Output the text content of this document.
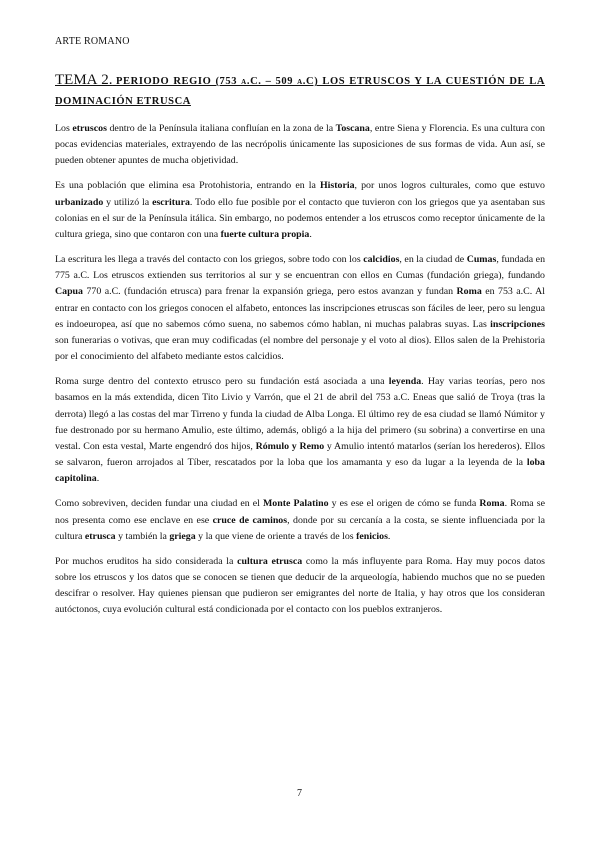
ARTE ROMANO
TEMA 2. PERIODO REGIO (753 a.C. – 509 a.C) LOS ETRUSCOS Y LA CUESTIÓN DE LA DOMINACIÓN ETRUSCA

Los etruscos dentro de la Península italiana confluían en la zona de la Toscana, entre Siena y Florencia. Es una cultura con pocas evidencias materiales, extrayendo de las necrópolis únicamente las suposiciones de sus formas de vida. Aun así, se pueden obtener apuntes de mucha objetividad.

Es una población que elimina esa Protohistoria, entrando en la Historia, por unos logros culturales, como que estuvo urbanizado y utilizó la escritura. Todo ello fue posible por el contacto que tuvieron con los griegos que ya asentaban sus colonias en el sur de la Península itálica. Sin embargo, no podemos entender a los etruscos como receptor únicamente de la cultura griega, sino que contaron con una fuerte cultura propia.

La escritura les llega a través del contacto con los griegos, sobre todo con los calcidios, en la ciudad de Cumas, fundada en 775 a.C. Los etruscos extienden sus territorios al sur y se encuentran con ellos en Cumas (fundación griega), fundando Capua 770 a.C. (fundación etrusca) para frenar la expansión griega, pero estos avanzan y fundan Roma en 753 a.C. Al entrar en contacto con los griegos conocen el alfabeto, entonces las inscripciones etruscas son fáciles de leer, pero su lengua es indoeuropea, así que no sabemos cómo suena, no sabemos cómo hablan, ni muchas palabras suyas. Las inscripciones son funerarias o votivas, que eran muy codificadas (el nombre del personaje y el voto al dios). Ellos salen de la Prehistoria por el conocimiento del alfabeto mediante estos calcidios.

Roma surge dentro del contexto etrusco pero su fundación está asociada a una leyenda. Hay varias teorías, pero nos basamos en la más extendida, dicen Tito Livio y Varrón, que el 21 de abril del 753 a.C. Eneas que salió de Troya (tras la derrota) llegó a las costas del mar Tirreno y funda la ciudad de Alba Longa. El último rey de esa ciudad se llamó Númitor y fue destronado por su hermano Amulio, este último, además, obligó a la hija del primero (su sobrina) a convertirse en una vestal. Con esta vestal, Marte engendró dos hijos, Rómulo y Remo y Amulio intentó matarlos (serían los herederos). Ellos se salvaron, fueron arrojados al Tíber, rescatados por la loba que los amamanta y eso da lugar a la leyenda de la loba capitolina.

Como sobreviven, deciden fundar una ciudad en el Monte Palatino y es ese el origen de cómo se funda Roma. Roma se nos presenta como ese enclave en ese cruce de caminos, donde por su cercanía a la costa, se siente influenciada por la cultura etrusca y también la griega y la que viene de oriente a través de los fenicios.

Por muchos eruditos ha sido considerada la cultura etrusca como la más influyente para Roma. Hay muy pocos datos sobre los etruscos y los datos que se conocen se tienen que deducir de la arqueología, habiendo muchos que no se pueden descifrar o resolver. Hay quienes piensan que pudieron ser emigrantes del norte de Italia, y hay otros que los consideran autóctonos, cuya evolución cultural está condicionada por el contacto con los pueblos extranjeros.

7
